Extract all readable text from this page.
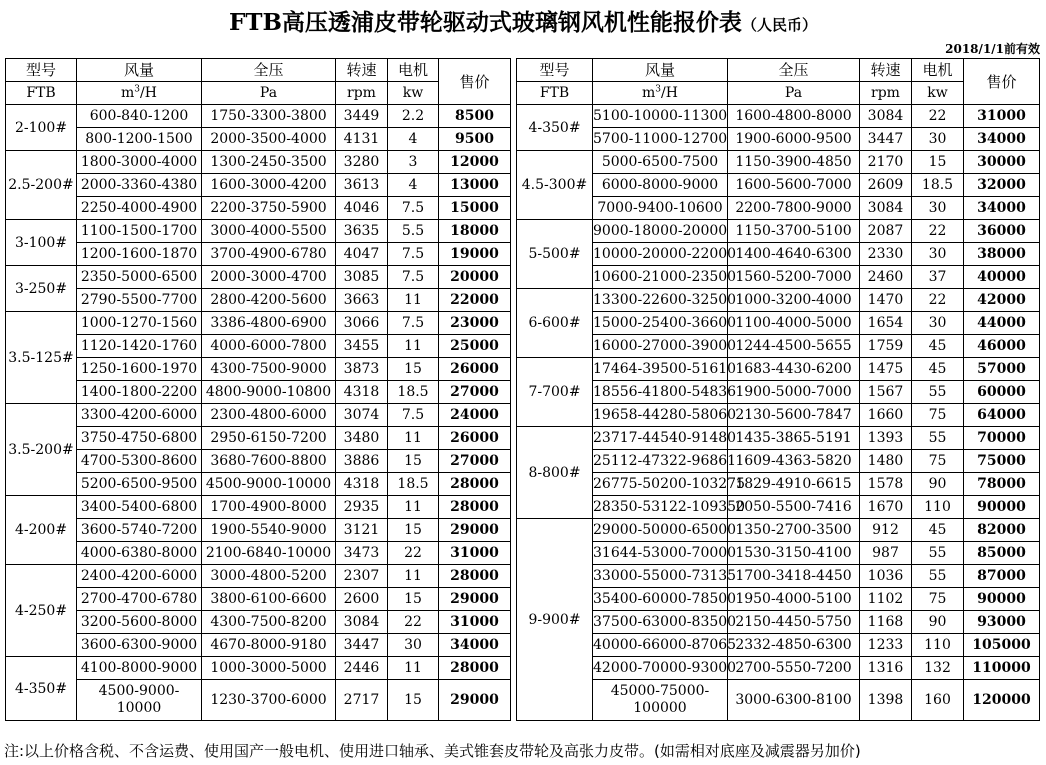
FTB高压透浦皮带轮驱动式玻璃钢风机性能报价表（人民币）
2018/1/1前有效
型号	风量	全压	转速	电机	售价
FTB	$m^3/H$	Pa	rpm	kw	
2-100#	600-840-1200	1750-3300-3800	3449	2.2	8500
	800-1200-1500	2000-3500-4000	4131	4	9500
2.5-200#	1800-3000-4000	1300-2450-3500	3280	3	12000
	2000-3360-4380	1600-3000-4200	3613	4	13000
	2250-4000-4900	2200-3750-5900	4046	7.5	15000
3-100#	1100-1500-1700	3000-4000-5500	3635	5.5	18000
	1200-1600-1870	3700-4900-6780	4047	7.5	19000
3-250#	2350-5000-6500	2000-3000-4700	3085	7.5	20000
	2790-5500-7700	2800-4200-5600	3663	11	22000
3.5-125#	1000-1270-1560	3386-4800-6900	3066	7.5	23000
	1120-1420-1760	4000-6000-7800	3455	11	25000
	1250-1600-1970	4300-7500-9000	3873	15	26000
	1400-1800-2200	4800-9000-10800	4318	18.5	27000
3.5-200#	3300-4200-6000	2300-4800-6000	3074	7.5	24000
	3750-4750-6800	2950-6150-7200	3480	11	26000
	4700-5300-8600	3680-7600-8800	3886	15	27000
	5200-6500-9500	4500-9000-10000	4318	18.5	28000
4-200#	3400-5400-6800	1700-4900-8000	2935	11	28000
	3600-5740-7200	1900-5540-9000	3121	15	29000
	4000-6380-8000	2100-6840-10000	3473	22	31000
4-250#	2400-4200-6000	3000-4800-5200	2307	11	28000
	2700-4700-6780	3800-6100-6600	2600	15	29000
	3200-5600-8000	4300-7500-8200	3084	22	31000
	3600-6300-9000	4670-8000-9180	3447	30	34000
4-350#	4100-8000-9000	1000-3000-5000	2446	11	28000
	4500-9000-10000	1230-3700-6000	2717	15	29000
型号	风量	全压	转速	电机	售价
FTB	$m^3/H$	Pa	rpm	kw	
4-350#	5100-10000-11300	1600-4800-8000	3084	22	31000
	5700-11000-12700	1900-6000-9500	3447	30	34000
4.5-300#	5000-6500-7500	1150-3900-4850	2170	15	30000
	6000-8000-9000	1600-5600-7000	2609	18.5	32000
	7000-9400-10600	2200-7800-9000	3084	30	34000
5-500#	9000-18000-20000	1150-3700-5100	2087	22	36000
	10000-20000-22000	1400-4640-6300	2330	30	38000
	10600-21000-23500	1560-5200-7000	2460	37	40000
6-600#	13300-22600-32500	1000-3200-4000	1470	22	42000
	15000-25400-36600	1100-4000-5000	1654	30	44000
	16000-27000-39000	1244-4500-5655	1759	45	46000
7-700#	17464-39500-51610	1683-4430-6200	1475	45	57000
	18556-41800-54836	1900-5000-7000	1567	55	60000
	19658-44280-58060	2130-5600-7847	1660	75	64000
8-800#	23717-44540-91480	1435-3865-5191	1393	55	70000
	25112-47322-96861	1609-4363-5820	1480	75	75000
	26775-50200-103275	1829-4910-6615	1578	90	78000
	28350-53122-109350	2050-5500-7416	1670	110	90000
9-900#	29000-50000-65000	1350-2700-3500	912	45	82000
	31644-53000-70000	1530-3150-4100	987	55	85000
	33000-55000-73135	1700-3418-4450	1036	55	87000
	35400-60000-78500	1950-4000-5100	1102	75	90000
	37500-63000-83500	2150-4450-5750	1168	90	93000
	40000-66000-87065	2332-4850-6300	1233	110	105000
	42000-70000-93000	2700-5550-7200	1316	132	110000
	45000-75000-100000	3000-6300-8100	1398	160	120000
注:以上价格含税、不含运费、使用国产一般电机、使用进口轴承、美式锥套皮带轮及高张力皮带。(如需相对底座及减震器另加价)
